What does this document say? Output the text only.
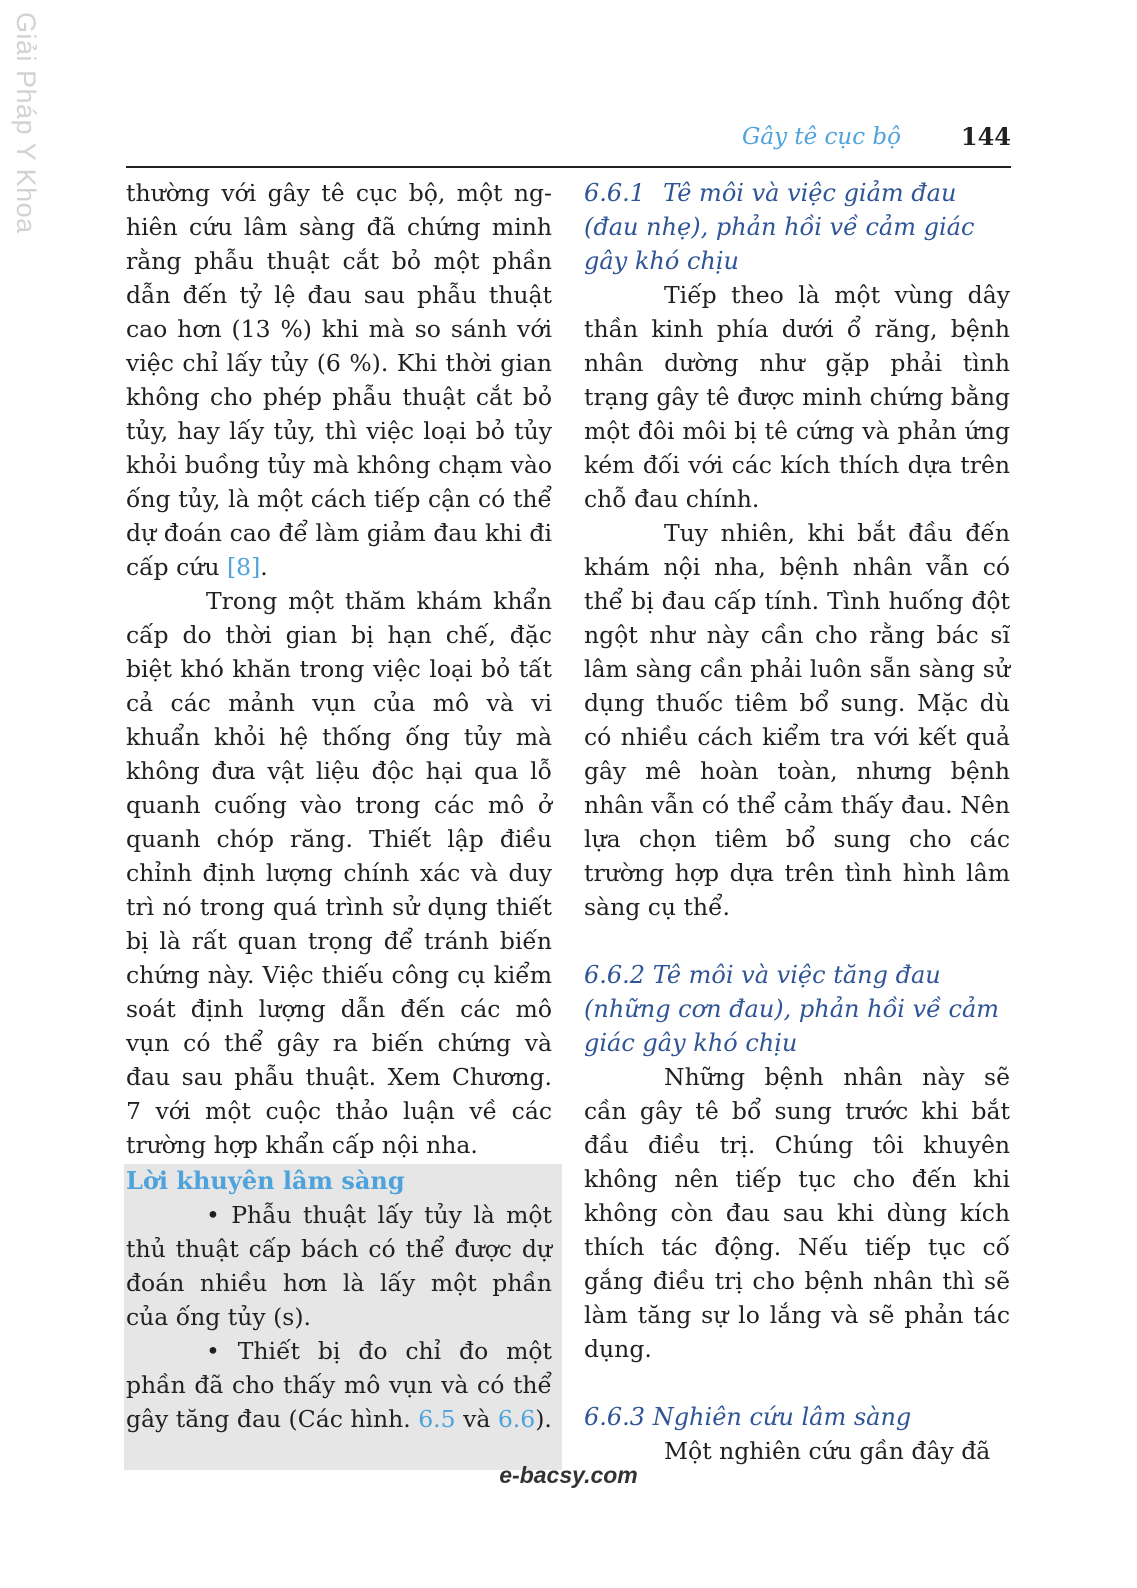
Giải Pháp Y Khoa	Gây tê cục bộ 144

thường với gây tê cục bộ, một nghiên cứu lâm sàng đã chứng minh rằng phẫu thuật cắt bỏ một phần dẫn đến tỷ lệ đau sau phẫu thuật cao hơn (13 %) khi mà so sánh với việc chỉ lấy tủy (6 %). Khi thời gian không cho phép phẫu thuật cắt bỏ tủy, hay lấy tủy, thì việc loại bỏ tủy khỏi buồng tủy mà không chạm vào ống tủy, là một cách tiếp cận có thể dự đoán cao để làm giảm đau khi đi cấp cứu [8].

Trong một thăm khám khẩn cấp do thời gian bị hạn chế, đặc biệt khó khăn trong việc loại bỏ tất cả các mảnh vụn của mô và vi khuẩn khỏi hệ thống ống tủy mà không đưa vật liệu độc hại qua lỗ quanh cuống vào trong các mô ở quanh chóp răng. Thiết lập điều chỉnh định lượng chính xác và duy trì nó trong quá trình sử dụng thiết bị là rất quan trọng để tránh biến chứng này. Việc thiếu công cụ kiểm soát định lượng dẫn đến các mô vụn có thể gây ra biến chứng và đau sau phẫu thuật. Xem Chương. 7 với một cuộc thảo luận về các trường hợp khẩn cấp nội nha.

Lời khuyên lâm sàng

• Phẫu thuật lấy tủy là một thủ thuật cấp bách có thể được dự đoán nhiều hơn là lấy một phần của ống tủy (s).

• Thiết bị đo chỉ đo một phần đã cho thấy mô vụn và có thể gây tăng đau (Các hình. 6.5 và 6.6).

6.6.1 Tê môi và việc giảm đau (đau nhẹ), phản hồi về cảm giác gây khó chịu

Tiếp theo là một vùng dây thần kinh phía dưới ổ răng, bệnh nhân dường như gặp phải tình trạng gây tê được minh chứng bằng một đôi môi bị tê cứng và phản ứng kém đối với các kích thích dựa trên chỗ đau chính.

Tuy nhiên, khi bắt đầu đến khám nội nha, bệnh nhân vẫn có thể bị đau cấp tính. Tình huống đột ngột như này cần cho rằng bác sĩ lâm sàng cần phải luôn sẵn sàng sử dụng thuốc tiêm bổ sung. Mặc dù có nhiều cách kiểm tra với kết quả gây mê hoàn toàn, nhưng bệnh nhân vẫn có thể cảm thấy đau. Nên lựa chọn tiêm bổ sung cho các trường hợp dựa trên tình hình lâm sàng cụ thể.

6.6.2 Tê môi và việc tăng đau (những cơn đau), phản hồi về cảm giác gây khó chịu

Những bệnh nhân này sẽ cần gây tê bổ sung trước khi bắt đầu điều trị. Chúng tôi khuyên không nên tiếp tục cho đến khi không còn đau sau khi dùng kích thích tác động. Nếu tiếp tục cố gắng điều trị cho bệnh nhân thì sẽ làm tăng sự lo lắng và sẽ phản tác dụng.

6.6.3 Nghiên cứu lâm sàng

Một nghiên cứu gần đây đã

e-bacsy.com
